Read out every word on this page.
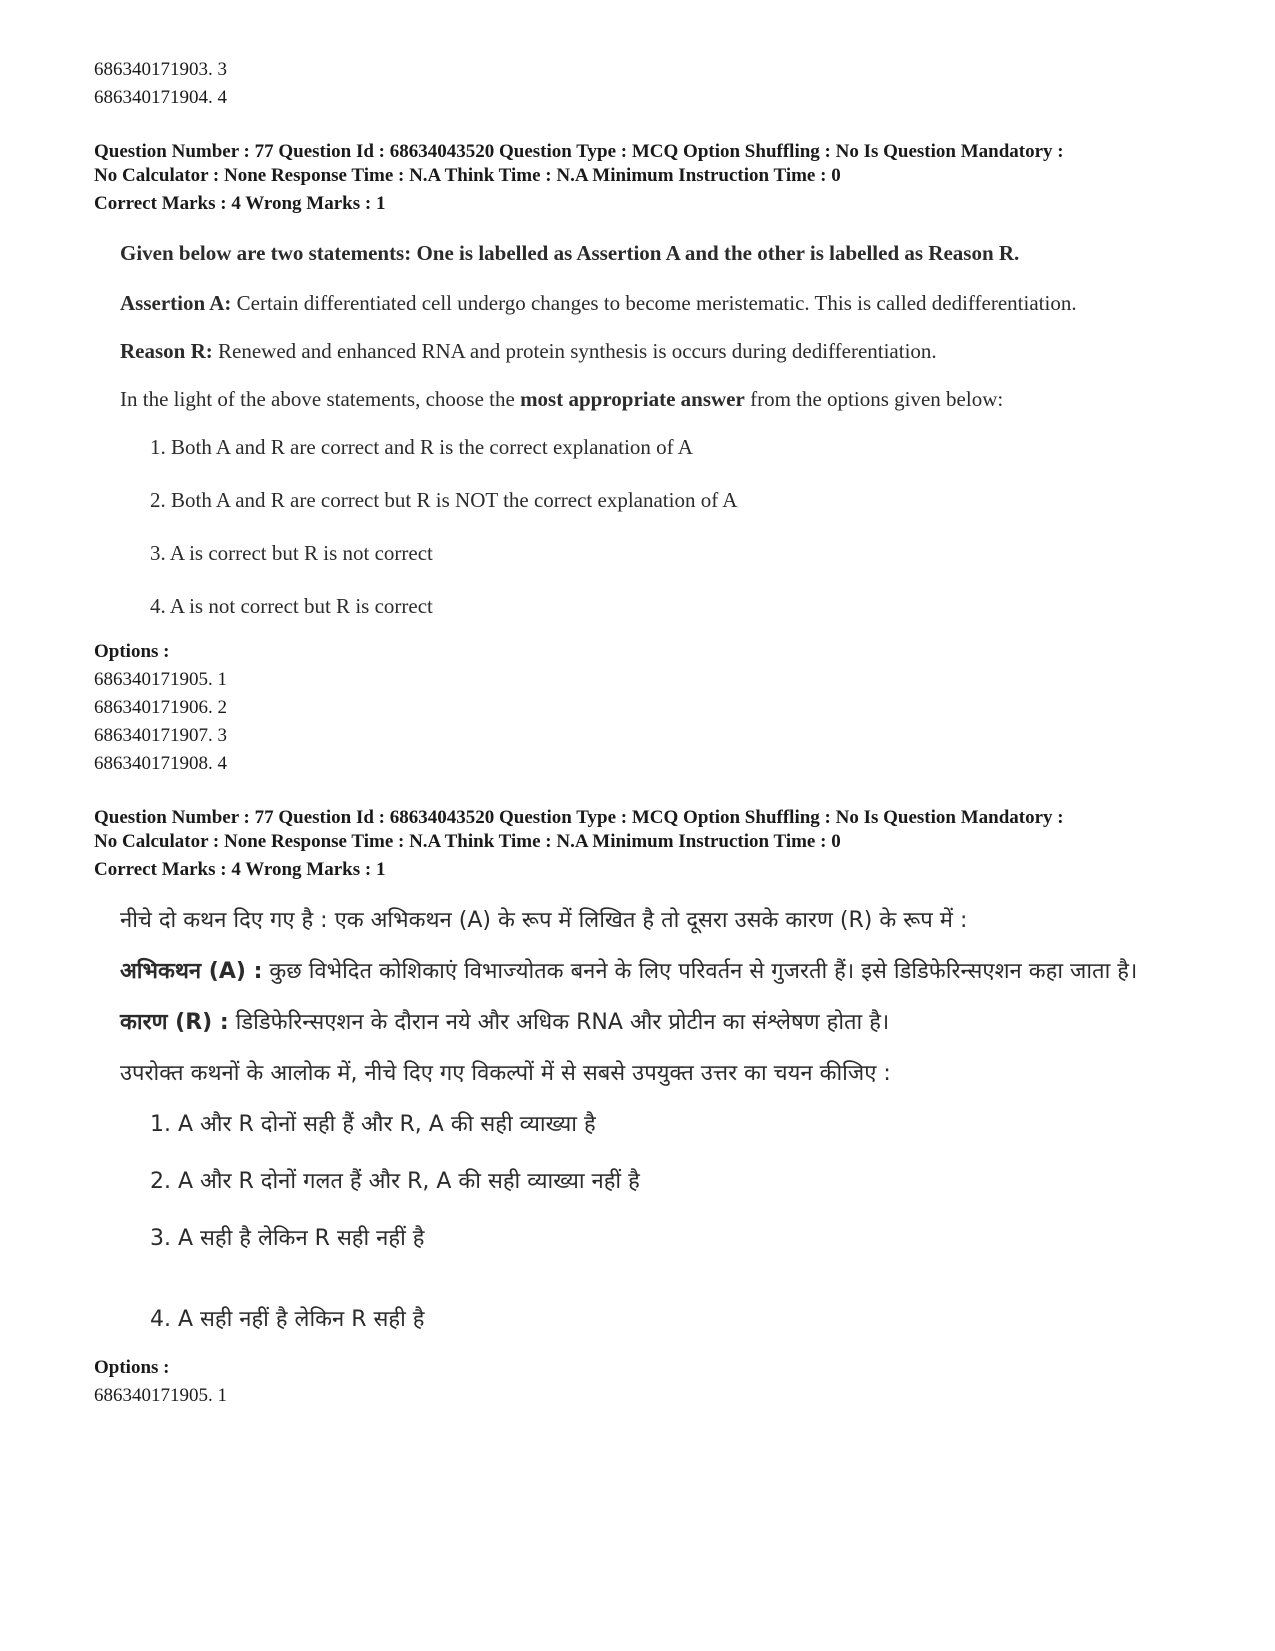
686340171903. 3

686340171904. 4

Question Number : 77 Question Id : 68634043520 Question Type : MCQ Option Shuffling : No Is Question Mandatory :

No Calculator : None Response Time : N.A Think Time : N.A Minimum Instruction Time : 0

Correct Marks : 4 Wrong Marks : 1

Given below are two statements: One is labelled as Assertion A and the other is labelled as Reason R.

Assertion A: Certain differentiated cell undergo changes to become meristematic. This is called dedifferentiation.

Reason R: Renewed and enhanced RNA and protein synthesis is occurs during dedifferentiation.

In the light of the above statements, choose the most appropriate answer from the options given below:

1. Both A and R are correct and R is the correct explanation of A
2. Both A and R are correct but R is NOT the correct explanation of A
3. A is correct but R is not correct
4. A is not correct but R is correct

Options :

686340171905. 1

686340171906. 2

686340171907. 3

686340171908. 4

Question Number : 77 Question Id : 68634043520 Question Type : MCQ Option Shuffling : No Is Question Mandatory :

No Calculator : None Response Time : N.A Think Time : N.A Minimum Instruction Time : 0

Correct Marks : 4 Wrong Marks : 1

नीचे दो कथन दिए गए है : एक अभिकथन (A) के रूप में लिखित है तो दूसरा उसके कारण (R) के रूप में :

अभिकथन (A) : कुछ विभेदित कोशिकाएं विभाज्योतक बनने के लिए परिवर्तन से गुजरती हैं। इसे डिडिफेरिन्सएशन कहा जाता है।

कारण (R) : डिडिफेरिन्सएशन के दौरान नये और अधिक RNA और प्रोटीन का संश्लेषण होता है।

उपरोक्त कथनों के आलोक में, नीचे दिए गए विकल्पों में से सबसे उपयुक्त उत्तर का चयन कीजिए :

1. A और R दोनों सही हैं और R, A की सही व्याख्या है
2. A और R दोनों गलत हैं और R, A की सही व्याख्या नहीं है
3. A सही है लेकिन R सही नहीं है
4. A सही नहीं है लेकिन R सही है

Options :

686340171905. 1
